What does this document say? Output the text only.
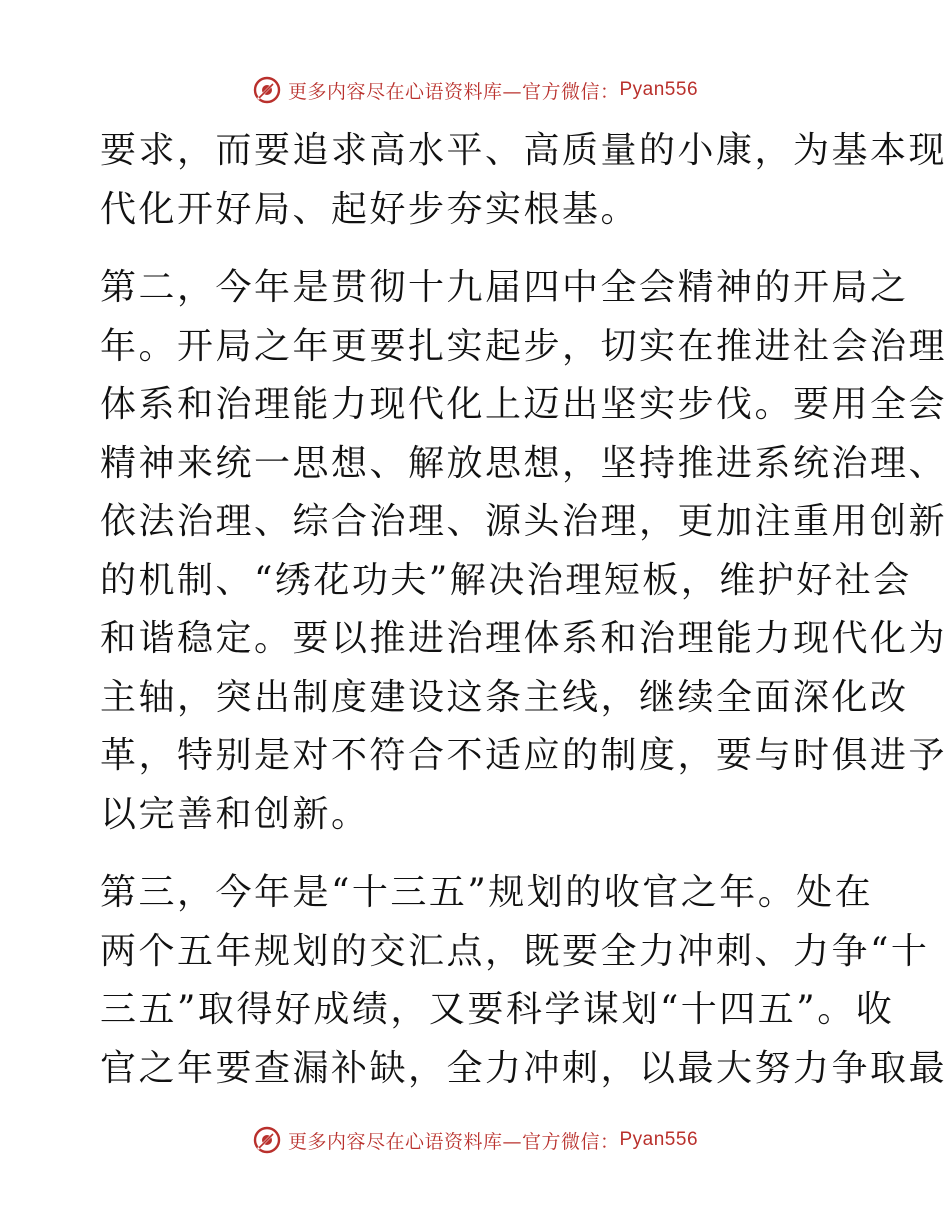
更多内容尽在心语资料库—官方微信： Pyan556
要求，而要追求高水平、高质量的小康，为基本现
代化开好局、起好步夯实根基。
第二，今年是贯彻十九届四中全会精神的开局之
年。开局之年更要扎实起步，切实在推进社会治理
体系和治理能力现代化上迈出坚实步伐。要用全会
精神来统一思想、解放思想，坚持推进系统治理、
依法治理、综合治理、源头治理，更加注重用创新
的机制、“绣花功夫”解决治理短板，维护好社会
和谐稳定。要以推进治理体系和治理能力现代化为
主轴，突出制度建设这条主线，继续全面深化改
革，特别是对不符合不适应的制度，要与时俱进予
以完善和创新。
第三，今年是“十三五”规划的收官之年。处在
两个五年规划的交汇点，既要全力冲刺、力争“十
三五”取得好成绩，又要科学谋划“十四五”。收
官之年要查漏补缺，全力冲刺，以最大努力争取最
更多内容尽在心语资料库—官方微信： Pyan556
